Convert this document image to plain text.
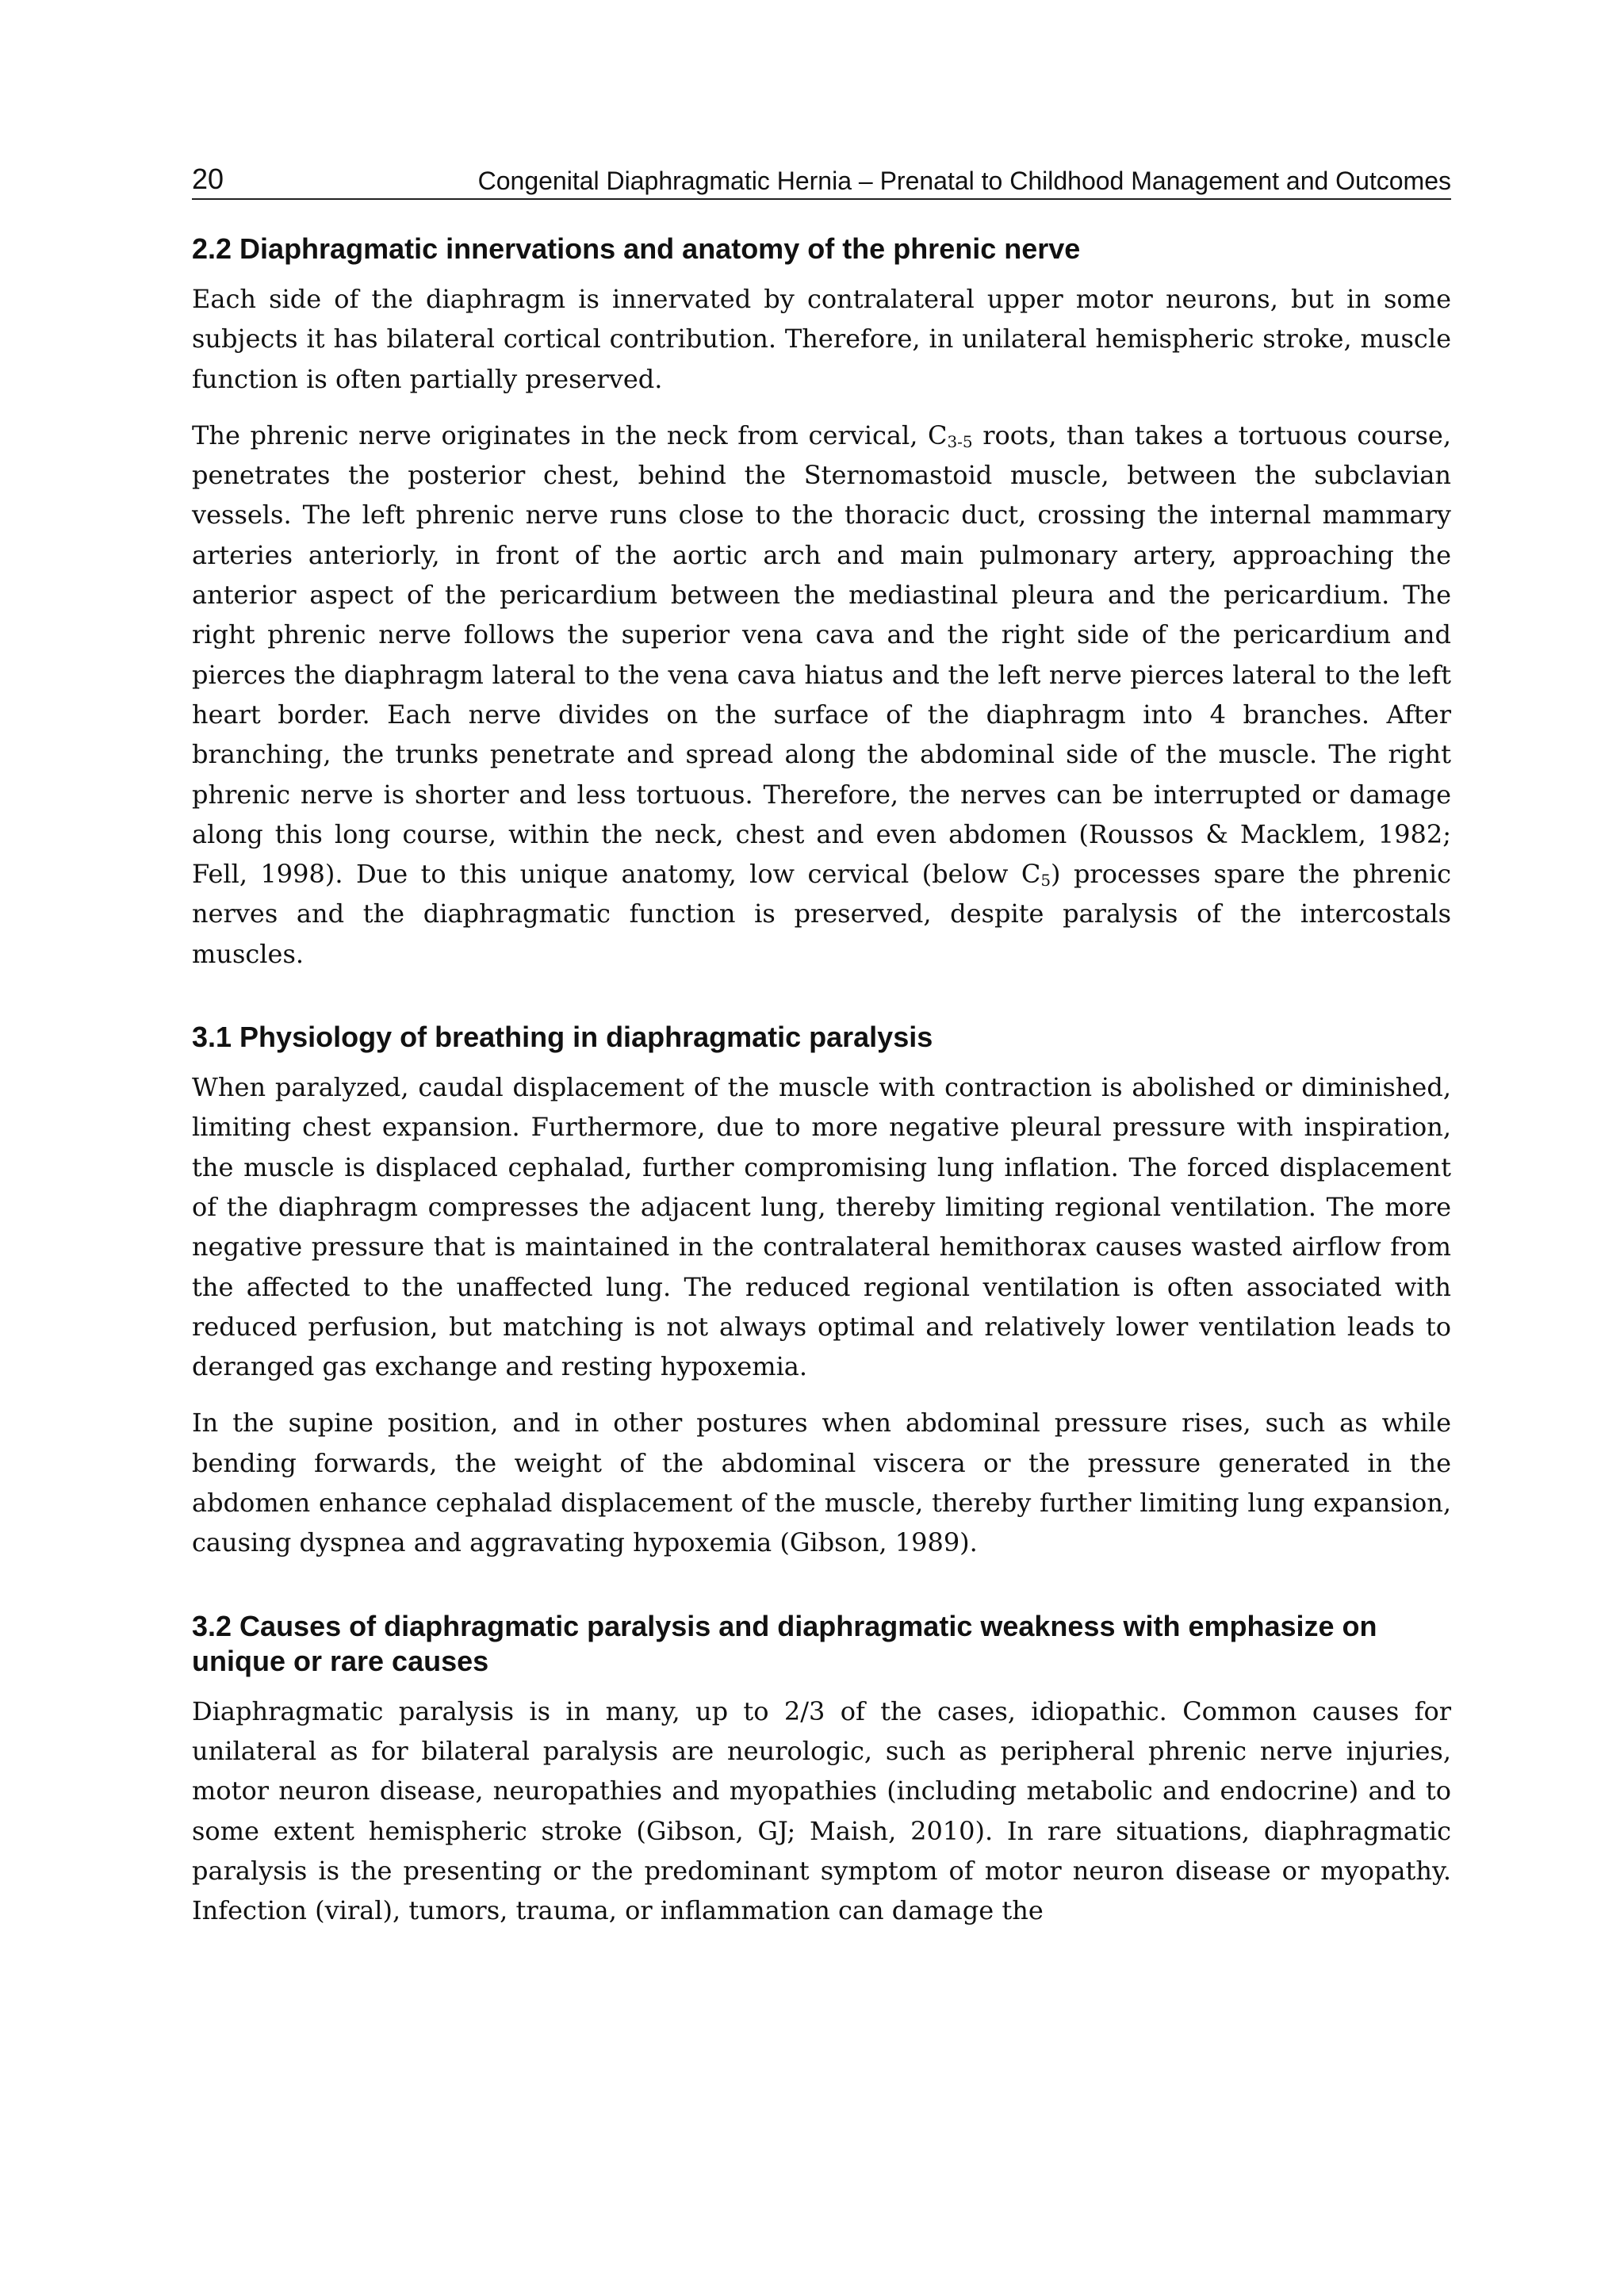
20	Congenital Diaphragmatic Hernia – Prenatal to Childhood Management and Outcomes
2.2 Diaphragmatic innervations and anatomy of the phrenic nerve

Each side of the diaphragm is innervated by contralateral upper motor neurons, but in some subjects it has bilateral cortical contribution. Therefore, in unilateral hemispheric stroke, muscle function is often partially preserved.

The phrenic nerve originates in the neck from cervical, $C_{3-5}$ roots, than takes a tortuous course, penetrates the posterior chest, behind the Sternomastoid muscle, between the subclavian vessels. The left phrenic nerve runs close to the thoracic duct, crossing the internal mammary arteries anteriorly, in front of the aortic arch and main pulmonary artery, approaching the anterior aspect of the pericardium between the mediastinal pleura and the pericardium. The right phrenic nerve follows the superior vena cava and the right side of the pericardium and pierces the diaphragm lateral to the vena cava hiatus and the left nerve pierces lateral to the left heart border. Each nerve divides on the surface of the diaphragm into 4 branches. After branching, the trunks penetrate and spread along the abdominal side of the muscle. The right phrenic nerve is shorter and less tortuous. Therefore, the nerves can be interrupted or damage along this long course, within the neck, chest and even abdomen (Roussos & Macklem, 1982; Fell, 1998). Due to this unique anatomy, low cervical (below $C_5$) processes spare the phrenic nerves and the diaphragmatic function is preserved, despite paralysis of the intercostals muscles.

3.1 Physiology of breathing in diaphragmatic paralysis

When paralyzed, caudal displacement of the muscle with contraction is abolished or diminished, limiting chest expansion. Furthermore, due to more negative pleural pressure with inspiration, the muscle is displaced cephalad, further compromising lung inflation. The forced displacement of the diaphragm compresses the adjacent lung, thereby limiting regional ventilation. The more negative pressure that is maintained in the contralateral hemithorax causes wasted airflow from the affected to the unaffected lung. The reduced regional ventilation is often associated with reduced perfusion, but matching is not always optimal and relatively lower ventilation leads to deranged gas exchange and resting hypoxemia.

In the supine position, and in other postures when abdominal pressure rises, such as while bending forwards, the weight of the abdominal viscera or the pressure generated in the abdomen enhance cephalad displacement of the muscle, thereby further limiting lung expansion, causing dyspnea and aggravating hypoxemia (Gibson, 1989).

3.2 Causes of diaphragmatic paralysis and diaphragmatic weakness with emphasize on unique or rare causes

Diaphragmatic paralysis is in many, up to 2/3 of the cases, idiopathic. Common causes for unilateral as for bilateral paralysis are neurologic, such as peripheral phrenic nerve injuries, motor neuron disease, neuropathies and myopathies (including metabolic and endocrine) and to some extent hemispheric stroke (Gibson, GJ; Maish, 2010). In rare situations, diaphragmatic paralysis is the presenting or the predominant symptom of motor neuron disease or myopathy. Infection (viral), tumors, trauma, or inflammation can damage the
